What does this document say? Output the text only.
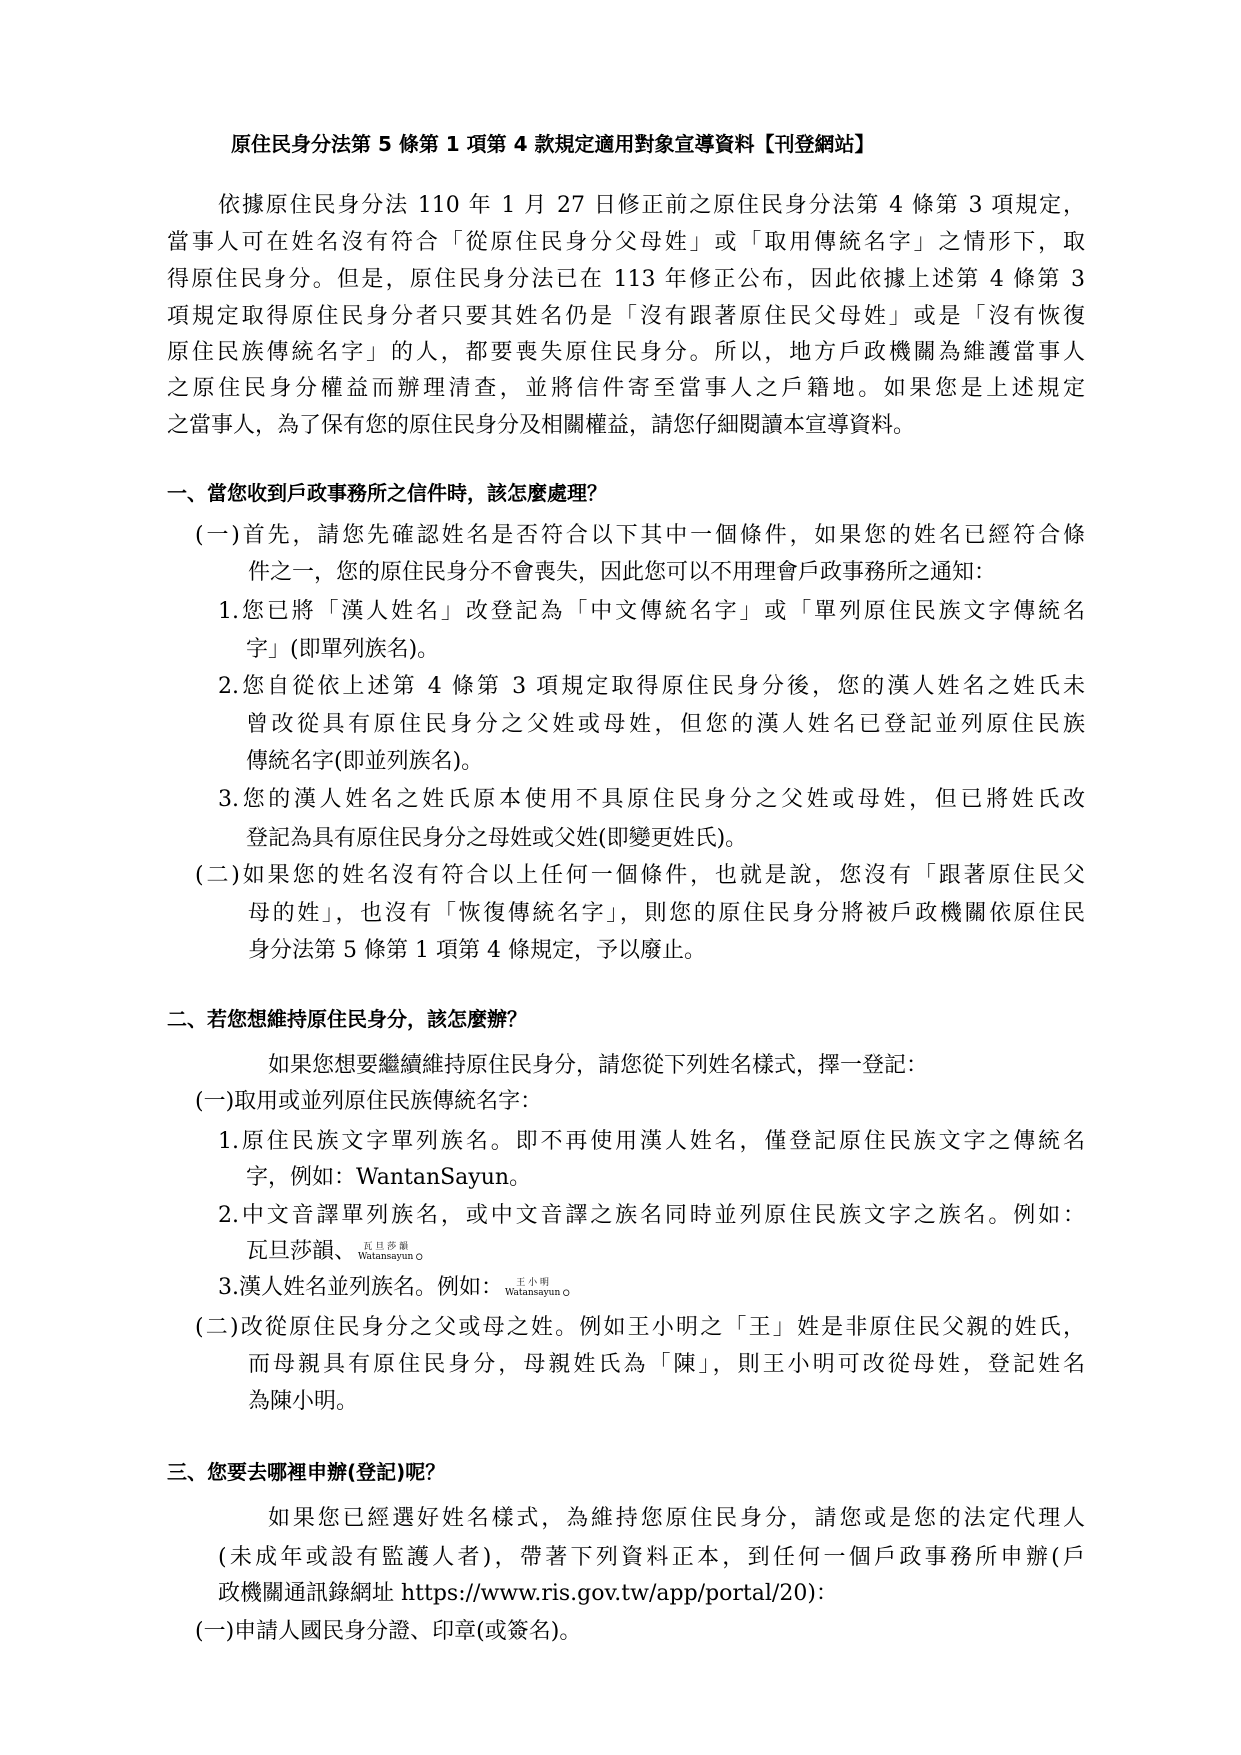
原住民身分法第 5 條第 1 項第 4 款規定適用對象宣導資料【刊登網站】
依據原住民身分法 110 年 1 月 27 日修正前之原住民身分法第 4 條第 3 項規定，
當事人可在姓名沒有符合「從原住民身分父母姓」或「取用傳統名字」之情形下，取
得原住民身分。但是，原住民身分法已在 113 年修正公布，因此依據上述第 4 條第 3
項規定取得原住民身分者只要其姓名仍是「沒有跟著原住民父母姓」或是「沒有恢復
原住民族傳統名字」的人，都要喪失原住民身分。所以，地方戶政機關為維護當事人
之原住民身分權益而辦理清查，並將信件寄至當事人之戶籍地。如果您是上述規定
之當事人，為了保有您的原住民身分及相關權益，請您仔細閱讀本宣導資料。
一、當您收到戶政事務所之信件時，該怎麼處理？
(一)首先，請您先確認姓名是否符合以下其中一個條件，如果您的姓名已經符合條
件之一，您的原住民身分不會喪失，因此您可以不用理會戶政事務所之通知：
1.您已將「漢人姓名」改登記為「中文傳統名字」或「單列原住民族文字傳統名
字」(即單列族名)。
2.您自從依上述第 4 條第 3 項規定取得原住民身分後，您的漢人姓名之姓氏未
曾改從具有原住民身分之父姓或母姓，但您的漢人姓名已登記並列原住民族
傳統名字(即並列族名)。
3.您的漢人姓名之姓氏原本使用不具原住民身分之父姓或母姓，但已將姓氏改
登記為具有原住民身分之母姓或父姓(即變更姓氏)。
(二)如果您的姓名沒有符合以上任何一個條件，也就是說，您沒有「跟著原住民父
母的姓」，也沒有「恢復傳統名字」，則您的原住民身分將被戶政機關依原住民
身分法第 5 條第 1 項第 4 條規定，予以廢止。
二、若您想維持原住民身分，該怎麼辦？
如果您想要繼續維持原住民身分，請您從下列姓名樣式，擇一登記：
(一)取用或並列原住民族傳統名字：
1.原住民族文字單列族名。即不再使用漢人姓名，僅登記原住民族文字之傳統名
字，例如：WantanSayun。
2.中文音譯單列族名，或中文音譯之族名同時並列原住民族文字之族名。例如：
瓦旦莎韻、 瓦 旦 莎 韻
Watansayun 。
3.漢人姓名並列族名。例如：	王 小 明
Watansayun 。
(二)改從原住民身分之父或母之姓。例如王小明之「王」姓是非原住民父親的姓氏，
而母親具有原住民身分，母親姓氏為「陳」，則王小明可改從母姓，登記姓名
為陳小明。
三、您要去哪裡申辦(登記)呢？
如果您已經選好姓名樣式，為維持您原住民身分，請您或是您的法定代理人
(未成年或設有監護人者)，帶著下列資料正本，到任何一個戶政事務所申辦(戶
政機關通訊錄網址 https://www.ris.gov.tw/app/portal/20)：
(一)申請人國民身分證、印章(或簽名)。
